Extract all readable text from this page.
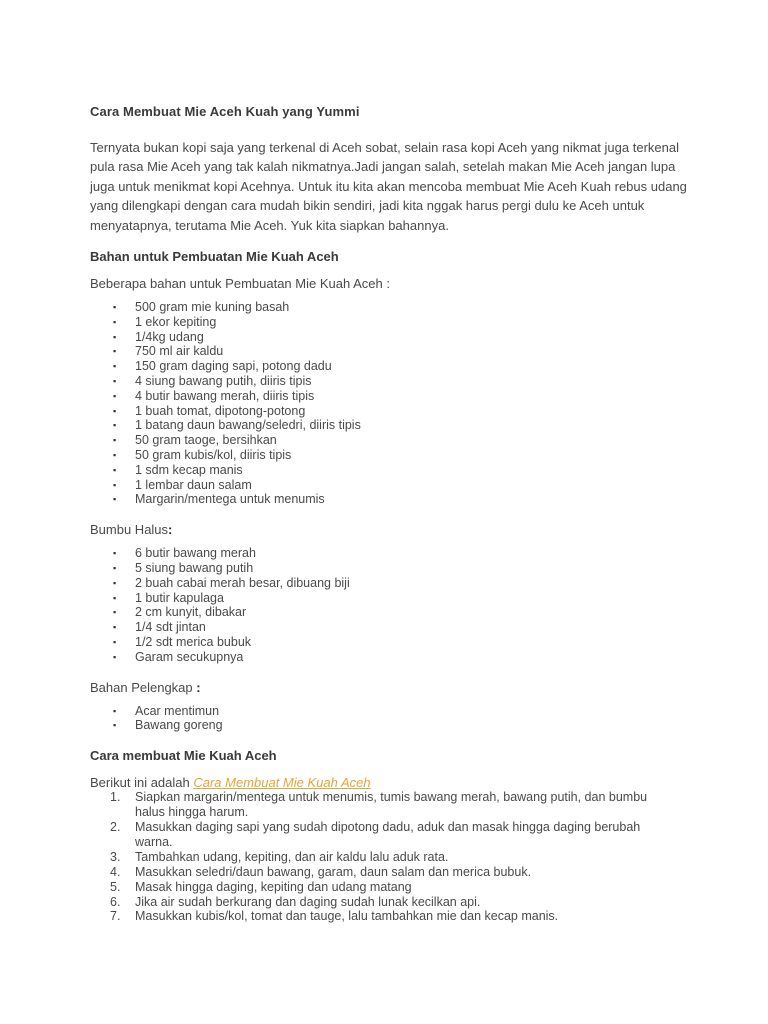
Cara Membuat Mie Aceh Kuah yang Yummi
Ternyata bukan kopi saja yang terkenal di Aceh sobat, selain rasa kopi Aceh yang nikmat juga terkenal pula rasa Mie Aceh yang tak kalah nikmatnya.Jadi jangan salah, setelah makan Mie Aceh jangan lupa juga untuk menikmat kopi Acehnya. Untuk itu kita akan mencoba membuat Mie Aceh Kuah rebus udang yang dilengkapi dengan cara mudah bikin sendiri, jadi kita nggak harus pergi dulu ke Aceh untuk menyatapnya, terutama Mie Aceh. Yuk kita siapkan bahannya.
Bahan untuk Pembuatan Mie Kuah Aceh
Beberapa bahan untuk Pembuatan Mie Kuah Aceh :
▪ 500 gram mie kuning basah
▪ 1 ekor kepiting
▪ 1/4kg udang
▪ 750 ml air kaldu
▪ 150 gram daging sapi, potong dadu
▪ 4 siung bawang putih, diiris tipis
▪ 4 butir bawang merah, diiris tipis
▪ 1 buah tomat, dipotong-potong
▪ 1 batang daun bawang/seledri, diiris tipis
▪ 50 gram taoge, bersihkan
▪ 50 gram kubis/kol, diiris tipis
▪ 1 sdm kecap manis
▪ 1 lembar daun salam
▪ Margarin/mentega untuk menumis
Bumbu Halus:
▪ 6 butir bawang merah
▪ 5 siung bawang putih
▪ 2 buah cabai merah besar, dibuang biji
▪ 1 butir kapulaga
▪ 2 cm kunyit, dibakar
▪ 1/4 sdt jintan
▪ 1/2 sdt merica bubuk
▪ Garam secukupnya
Bahan Pelengkap :
▪ Acar mentimun
▪ Bawang goreng
Cara membuat Mie Kuah Aceh
Berikut ini adalah Cara Membuat Mie Kuah Aceh
1. Siapkan margarin/mentega untuk menumis, tumis bawang merah, bawang putih, dan bumbu
halus hingga harum.
2. Masukkan daging sapi yang sudah dipotong dadu, aduk dan masak hingga daging berubah
warna.
3. Tambahkan udang, kepiting, dan air kaldu lalu aduk rata.
4. Masukkan seledri/daun bawang, garam, daun salam dan merica bubuk.
5. Masak hingga daging, kepiting dan udang matang
6. Jika air sudah berkurang dan daging sudah lunak kecilkan api.
7. Masukkan kubis/kol, tomat dan tauge, lalu tambahkan mie dan kecap manis.
